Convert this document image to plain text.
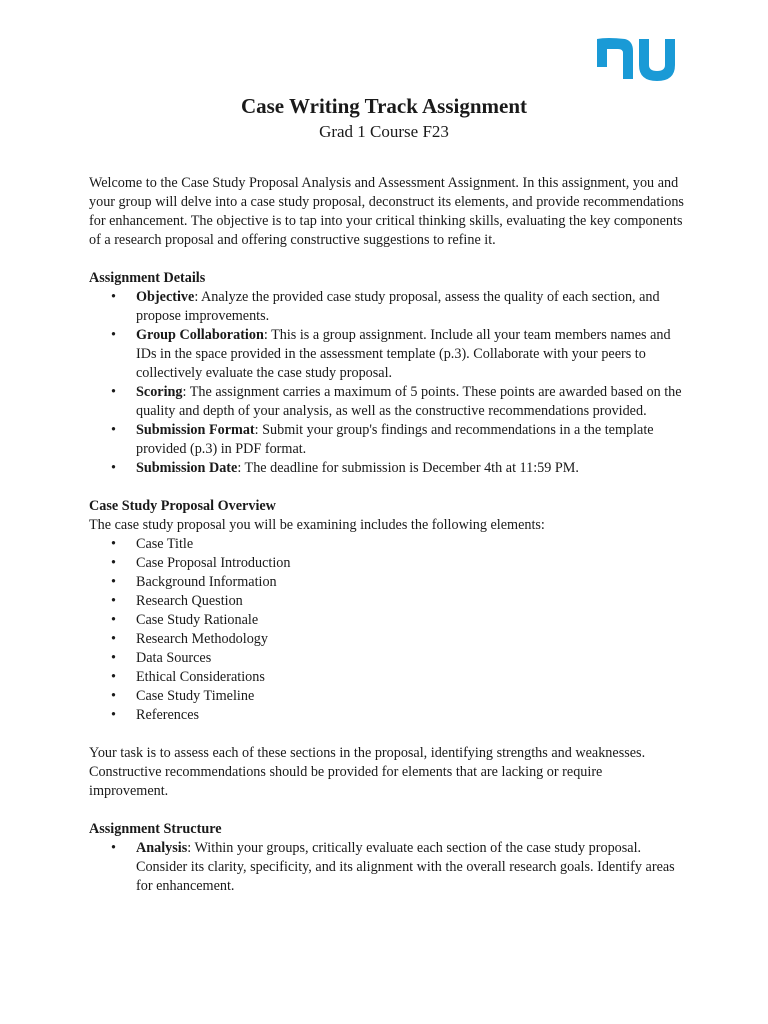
Case Writing Track Assignment

Grad 1 Course F23

Welcome to the Case Study Proposal Analysis and Assessment Assignment. In this assignment, you and your group will delve into a case study proposal, deconstruct its elements, and provide recommendations for enhancement. The objective is to tap into your critical thinking skills, evaluating the key components of a research proposal and offering constructive suggestions to refine it.

Assignment Details

• Objective: Analyze the provided case study proposal, assess the quality of each section, and propose improvements.
• Group Collaboration: This is a group assignment. Include all your team members names and IDs in the space provided in the assessment template (p.3). Collaborate with your peers to collectively evaluate the case study proposal.
• Scoring: The assignment carries a maximum of 5 points. These points are awarded based on the quality and depth of your analysis, as well as the constructive recommendations provided.
• Submission Format: Submit your group's findings and recommendations in a the template provided (p.3) in PDF format.
• Submission Date: The deadline for submission is December 4th at 11:59 PM.

Case Study Proposal Overview

The case study proposal you will be examining includes the following elements:

• Case Title
• Case Proposal Introduction
• Background Information
• Research Question
• Case Study Rationale
• Research Methodology
• Data Sources
• Ethical Considerations
• Case Study Timeline
• References

Your task is to assess each of these sections in the proposal, identifying strengths and weaknesses. Constructive recommendations should be provided for elements that are lacking or require improvement.

Assignment Structure

• Analysis: Within your groups, critically evaluate each section of the case study proposal. Consider its clarity, specificity, and its alignment with the overall research goals. Identify areas for enhancement.
